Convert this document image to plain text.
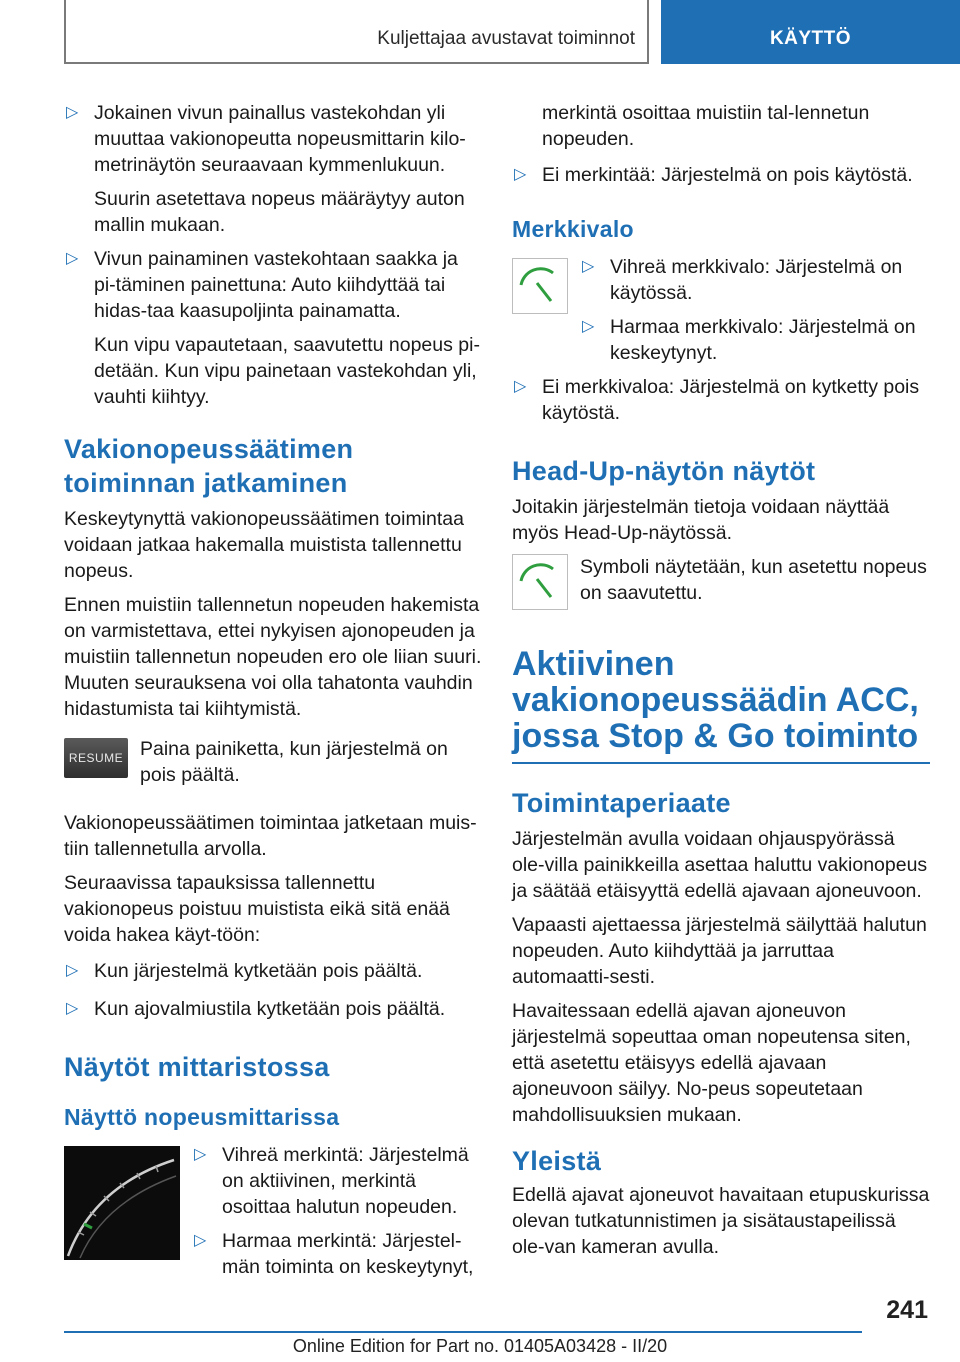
Kuljettajaa avustavat toiminnot	KÄYTTÖ
▷ Jokainen vivun painallus vastekohdan yli muuttaa vakionopeutta nopeusmittarin kilo-metrinäytön seuraavaan kymmenlukuun.

Suurin asetettava nopeus määräytyy auton mallin mukaan.

▷ Vivun painaminen vastekohtaan saakka ja pi-täminen painettuna: Auto kiihdyttää tai hidas-taa kaasupoljinta painamatta.

Kun vipu vapautetaan, saavutettu nopeus pi-detään. Kun vipu painetaan vastekohdan yli, vauhti kiihtyy.

Vakionopeussäätimen toiminnan jatkaminen

Keskeytynyttä vakionopeussäätimen toimintaa voidaan jatkaa hakemalla muistista tallennettu nopeus.

Ennen muistiin tallennetun nopeuden hakemista on varmistettava, ettei nykyisen ajonopeuden ja muistiin tallennetun nopeuden ero ole liian suuri. Muuten seurauksena voi olla tahatonta vauhdin hidastumista tai kiihtymistä.

RESUME Paina painiketta, kun järjestelmä on pois päältä.

Vakionopeussäätimen toimintaa jatketaan muis-tiin tallennetulla arvolla.

Seuraavissa tapauksissa tallennettu vakionopeus poistuu muistista eikä sitä enää voida hakea käyt-töön:

▷ Kun järjestelmä kytketään pois päältä.
▷ Kun ajovalmiustila kytketään pois päältä.
Näytöt mittaristossa
Näyttö nopeusmittarissa
▷ Vihreä merkintä: Järjestelmä on aktiivinen, merkintä osoittaa halutun nopeuden.
▷ Harmaa merkintä: Järjestel-män toiminta on keskeytynyt,

merkintä osoittaa muistiin tal-lennetun nopeuden.

▷ Ei merkintää: Järjestelmä on pois käytöstä.
Merkkivalo
▷ Vihreä merkkivalo: Järjestelmä on käytössä.
▷ Harmaa merkkivalo: Järjestelmä on keskeytynyt.
▷ Ei merkkivaloa: Järjestelmä on kytketty pois käytöstä.
Head-Up-näytön näytöt

Joitakin järjestelmän tietoja voidaan näyttää myös Head-Up-näytössä.

Symboli näytetään, kun asetettu nopeus on saavutettu.
Aktiivinen vakionopeussäädin ACC, jossa Stop & Go toiminto
Toimintaperiaate

Järjestelmän avulla voidaan ohjauspyörässä ole-villa painikkeilla asettaa haluttu vakionopeus ja säätää etäisyyttä edellä ajavaan ajoneuvoon.

Vapaasti ajettaessa järjestelmä säilyttää halutun nopeuden. Auto kiihdyttää ja jarruttaa automaatti-sesti.

Havaitessaan edellä ajavan ajoneuvon järjestelmä sopeuttaa oman nopeutensa siten, että asetettu etäisyys edellä ajavaan ajoneuvoon säilyy. No-peus sopeutetaan mahdollisuuksien mukaan.

Yleistä

Edellä ajavat ajoneuvot havaitaan etupuskurissa olevan tutkatunnistimen ja sisätaustapeilissä ole-van kameran avulla.

241
Online Edition for Part no. 01405A03428 - II/20
